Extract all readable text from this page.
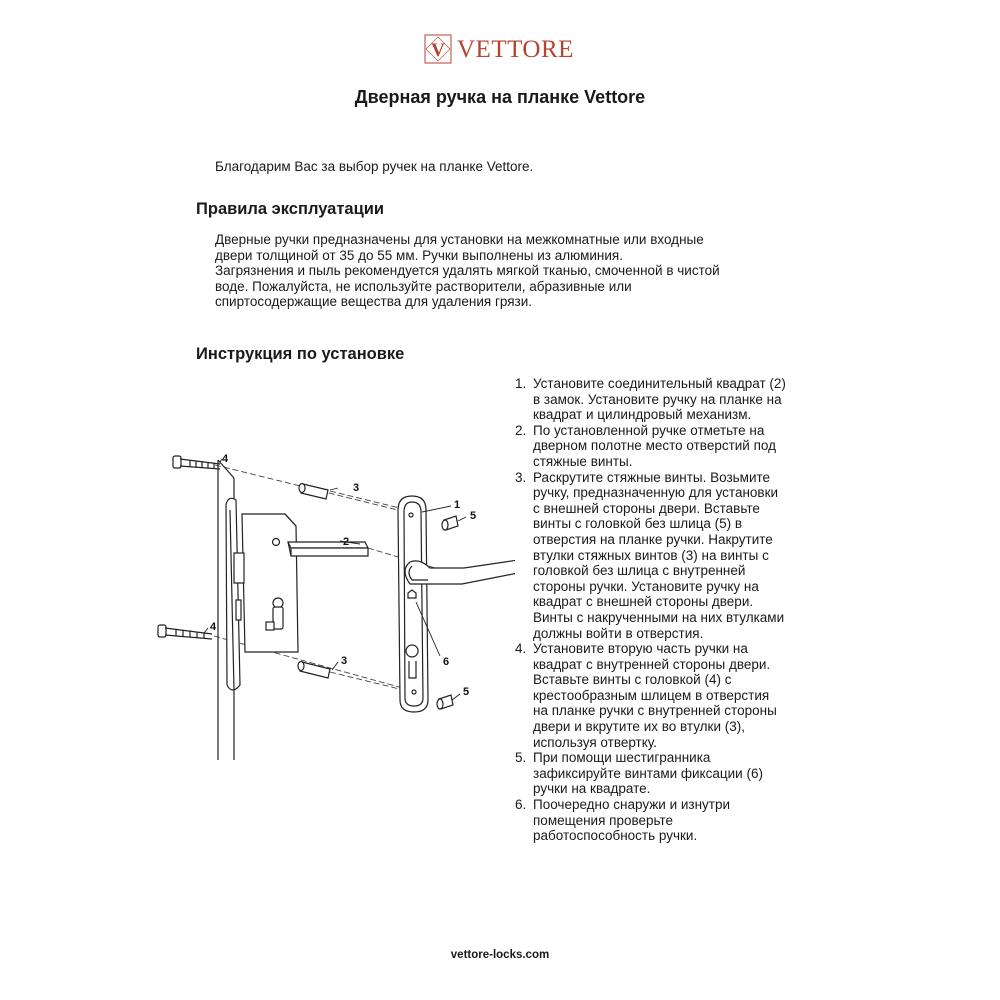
V VETTORE
Дверная ручка на планке Vettore
Благодарим Вас за выбор ручек на планке Vettore.
Правила эксплуатации
Дверные ручки предназначены для установки на межкомнатные или входные
двери толщиной от 35 до 55 мм. Ручки выполнены из алюминия.
Загрязнения и пыль рекомендуется удалять мягкой тканью, смоченной в чистой
воде. Пожалуйста, не используйте растворители, абразивные или
спиртосодержащие вещества для удаления грязи.
Инструкция по установке
1. Установите соединительный квадрат (2)
в замок. Установите ручку на планке на
квадрат и цилиндровый механизм.
2. По установленной ручке отметьте на
дверном полотне место отверстий под
стяжные винты.
3. Раскрутите стяжные винты. Возьмите
ручку, предназначенную для установки
с внешней стороны двери. Вставьте
винты с головкой без шлица (5) в
отверстия на планке ручки. Накрутите
втулки стяжных винтов (3) на винты с
головкой без шлица с внутренней
стороны ручки. Установите ручку на
квадрат с внешней стороны двери.
Винты с накрученными на них втулками
должны войти в отверстия.
4. Установите вторую часть ручки на
квадрат с внутренней стороны двери.
Вставьте винты с головкой (4) с
крестообразным шлицем в отверстия
на планке ручки с внутренней стороны
двери и вкрутите их во втулки (3),
используя отвертку.
5. При помощи шестигранника
зафиксируйте винтами фиксации (6)
ручки на квадрате.
6. Поочередно снаружи и изнутри
помещения проверьте
работоспособность ручки.
1
2
3
3
4
4
5
5
6
vettore-locks.com
